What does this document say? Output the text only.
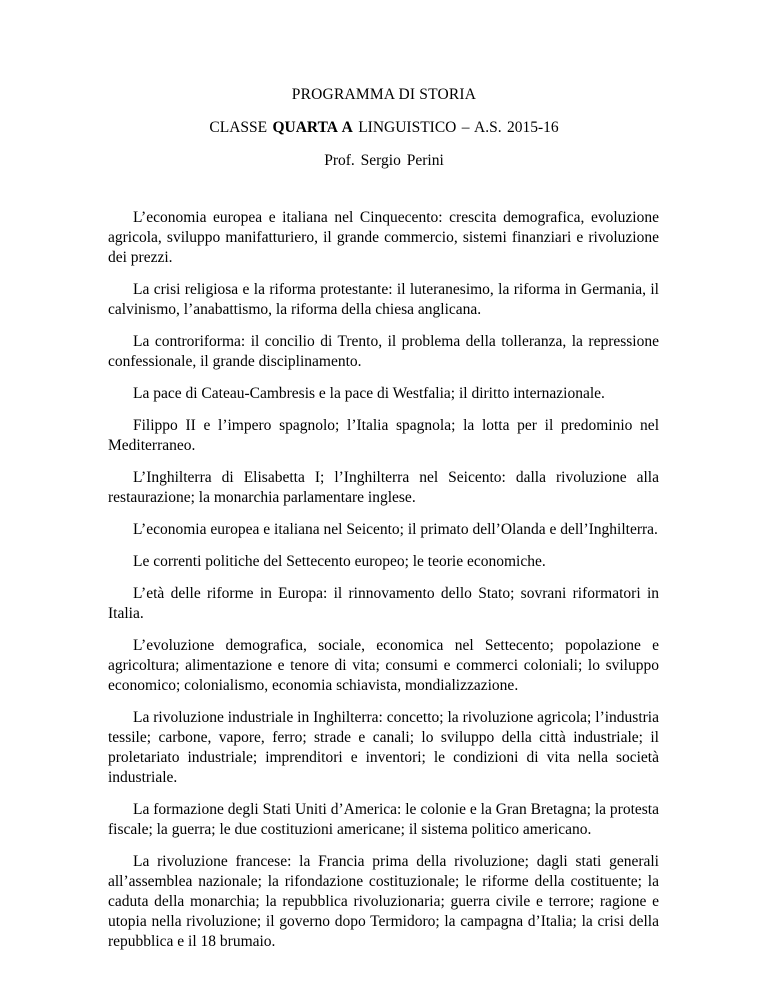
PROGRAMMA DI STORIA
CLASSE QUARTA A LINGUISTICO – A.S. 2015-16
Prof. Sergio Perini

L’economia europea e italiana nel Cinquecento: crescita demografica, evoluzione agricola, sviluppo manifatturiero, il grande commercio, sistemi finanziari e rivoluzione dei prezzi.

La crisi religiosa e la riforma protestante: il luteranesimo, la riforma in Germania, il calvinismo, l’anabattismo, la riforma della chiesa anglicana.

La controriforma: il concilio di Trento, il problema della tolleranza, la repressione confessionale, il grande disciplinamento.

La pace di Cateau-Cambresis e la pace di Westfalia; il diritto internazionale.

Filippo II e l’impero spagnolo; l’Italia spagnola; la lotta per il predominio nel Mediterraneo.

L’Inghilterra di Elisabetta I; l’Inghilterra nel Seicento: dalla rivoluzione alla restaurazione; la monarchia parlamentare inglese.

L’economia europea e italiana nel Seicento; il primato dell’Olanda e dell’Inghilterra.

Le correnti politiche del Settecento europeo; le teorie economiche.

L’età delle riforme in Europa: il rinnovamento dello Stato; sovrani riformatori in Italia.

L’evoluzione demografica, sociale, economica nel Settecento; popolazione e agricoltura; alimentazione e tenore di vita; consumi e commerci coloniali; lo sviluppo economico; colonialismo, economia schiavista, mondializzazione.

La rivoluzione industriale in Inghilterra: concetto; la rivoluzione agricola; l’industria tessile; carbone, vapore, ferro; strade e canali; lo sviluppo della città industriale; il proletariato industriale; imprenditori e inventori; le condizioni di vita nella società industriale.

La formazione degli Stati Uniti d’America: le colonie e la Gran Bretagna; la protesta fiscale; la guerra; le due costituzioni americane; il sistema politico americano.

La rivoluzione francese: la Francia prima della rivoluzione; dagli stati generali all’assemblea nazionale; la rifondazione costituzionale; le riforme della costituente; la caduta della monarchia; la repubblica rivoluzionaria; guerra civile e terrore; ragione e utopia nella rivoluzione; il governo dopo Termidoro; la campagna d’Italia; la crisi della repubblica e il 18 brumaio.
